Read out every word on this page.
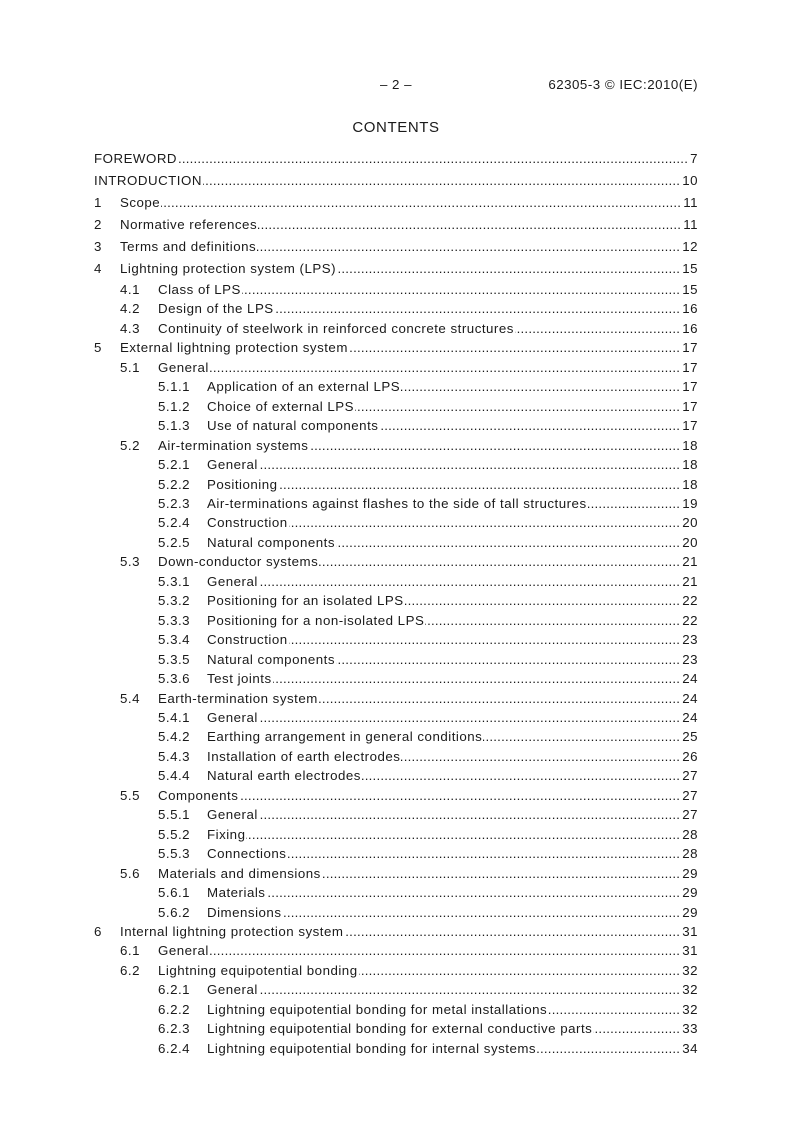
– 2 –	62305-3 © IEC:2010(E)
CONTENTS
FOREWORD .....	7
INTRODUCTION .....	10
1	Scope .....	11
2	Normative references .....	11
3	Terms and definitions .....	12
4	Lightning protection system (LPS) .....	15
4.1	Class of LPS .....	15
4.2	Design of the LPS .....	16
4.3	Continuity of steelwork in reinforced concrete structures .....	16
5	External lightning protection system .....	17
5.1	General .....	17
5.1.1	Application of an external LPS .....	17
5.1.2	Choice of external LPS .....	17
5.1.3	Use of natural components .....	17
5.2	Air-termination systems .....	18
5.2.1	General .....	18
5.2.2	Positioning .....	18
5.2.3	Air-terminations against flashes to the side of tall structures .....	19
5.2.4	Construction .....	20
5.2.5	Natural components .....	20
5.3	Down-conductor systems .....	21
5.3.1	General .....	21
5.3.2	Positioning for an isolated LPS .....	22
5.3.3	Positioning for a non-isolated LPS .....	22
5.3.4	Construction .....	23
5.3.5	Natural components .....	23
5.3.6	Test joints .....	24
5.4	Earth-termination system .....	24
5.4.1	General .....	24
5.4.2	Earthing arrangement in general conditions .....	25
5.4.3	Installation of earth electrodes .....	26
5.4.4	Natural earth electrodes .....	27
5.5	Components .....	27
5.5.1	General .....	27
5.5.2	Fixing .....	28
5.5.3	Connections .....	28
5.6	Materials and dimensions .....	29
5.6.1	Materials .....	29
5.6.2	Dimensions .....	29
6	Internal lightning protection system .....	31
6.1	General .....	31
6.2	Lightning equipotential bonding .....	32
6.2.1	General .....	32
6.2.2	Lightning equipotential bonding for metal installations .....	32
6.2.3	Lightning equipotential bonding for external conductive parts .....	33
6.2.4	Lightning equipotential bonding for internal systems .....	34
